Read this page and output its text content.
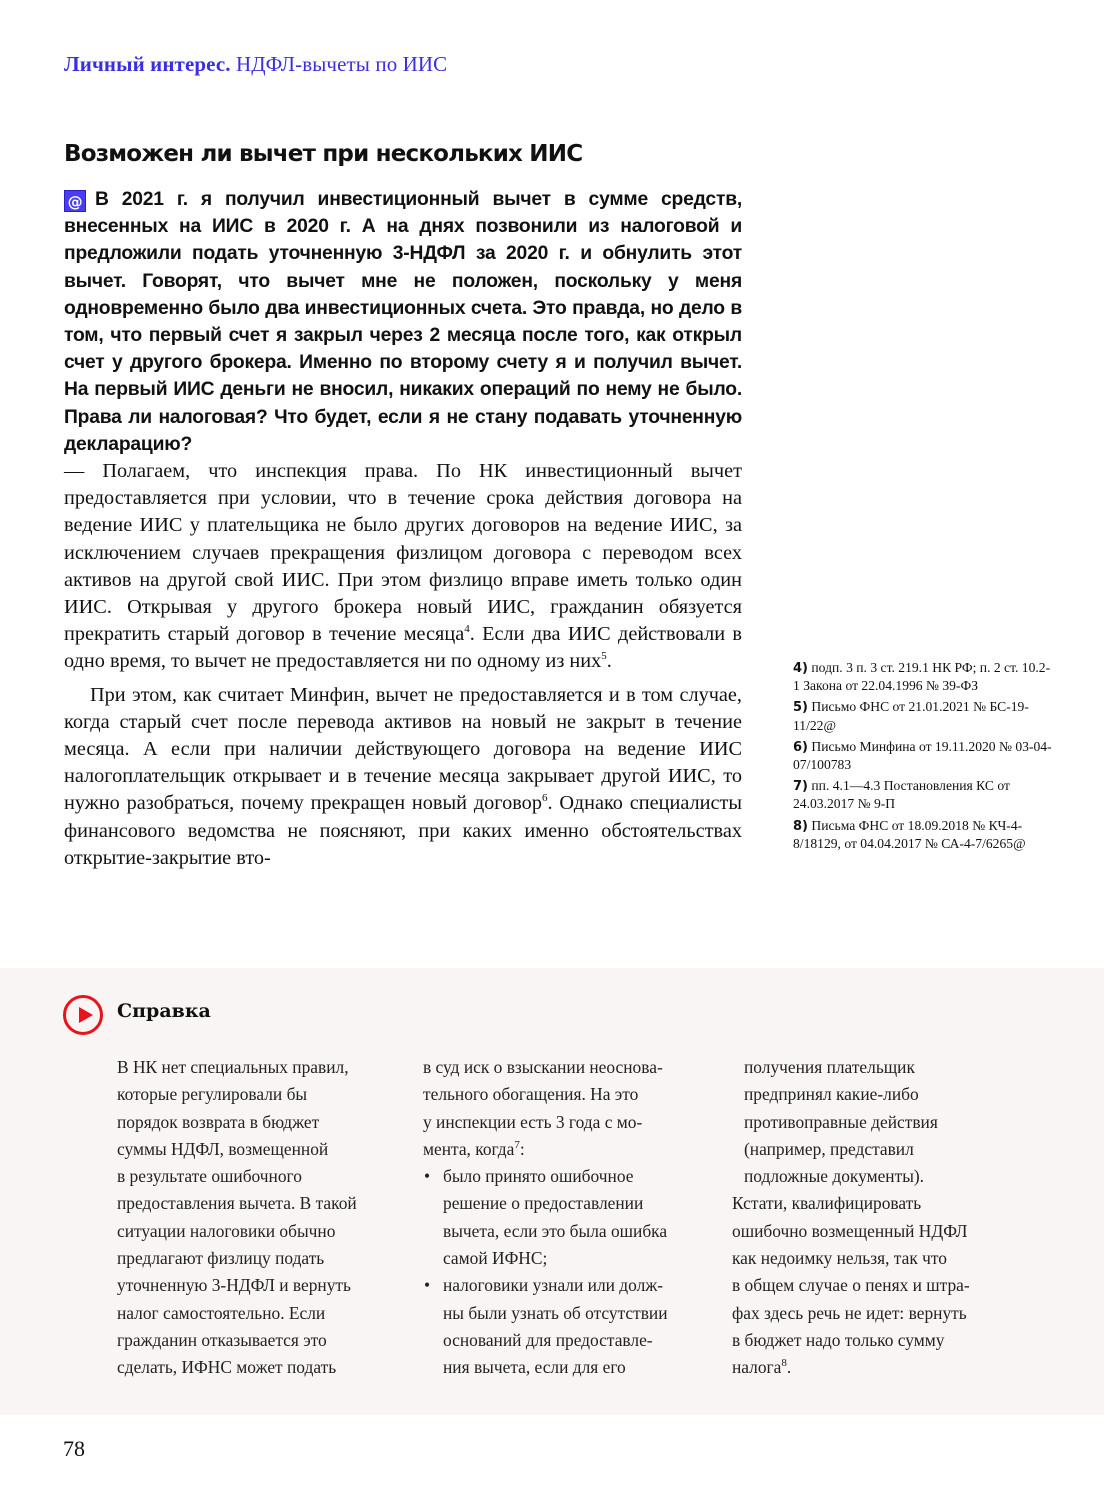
Личный интерес. НДФЛ-вычеты по ИИС
Возможен ли вычет при нескольких ИИС

@ В 2021 г. я получил инвестиционный вычет в сумме средств, внесенных на ИИС в 2020 г. А на днях позвонили из налоговой и предложили подать уточненную 3-НДФЛ за 2020 г. и обнулить этот вычет. Говорят, что вычет мне не положен, поскольку у меня одновременно было два инвестиционных счета. Это правда, но дело в том, что первый счет я закрыл через 2 месяца после того, как открыл счет у другого брокера. Именно по второму счету я и получил вычет. На первый ИИС деньги не вносил, никаких операций по нему не было. Права ли налоговая? Что будет, если я не стану подавать уточненную декларацию?

— Полагаем, что инспекция права. По НК инвестиционный вычет предоставляется при условии, что в течение срока действия договора на ведение ИИС у плательщика не было других договоров на ведение ИИС, за исключением случаев прекращения физлицом договора с переводом всех активов на другой свой ИИС. При этом физлицо вправе иметь только один ИИС. Открывая у другого брокера новый ИИС, гражданин обязуется прекратить старый договор в течение месяца$^4$. Если два ИИС действовали в одно время, то вычет не предоставляется ни по одному из них$^5$.

При этом, как считает Минфин, вычет не предоставляется и в том случае, когда старый счет после перевода активов на новый не закрыт в течение месяца. А если при наличии действующего договора на ведение ИИС налогоплательщик открывает и в течение месяца закрывает другой ИИС, то нужно разобраться, почему прекращен новый договор$^6$. Однако специалисты финансового ведомства не поясняют, при каких именно обстоятельствах открытие-закрытие вто-

4) подп. 3 п. 3 ст. 219.1 НК РФ; п. 2 ст. 10.2-1 Закона от 22.04.1996 № 39-ФЗ
5) Письмо ФНС от 21.01.2021 № БС-19-11/22@
6) Письмо Минфина от 19.11.2020 № 03-04-07/100783
7) пп. 4.1—4.3 Постановления КС от 24.03.2017 № 9-П
8) Письма ФНС от 18.09.2018 № КЧ-4-8/18129, от 04.04.2017 № СА-4-7/6265@
Справка
В НК нет специальных правил,
которые регулировали бы
порядок возврата в бюджет
суммы НДФЛ, возмещенной
в результате ошибочного
предоставления вычета. В такой
ситуации налоговики обычно
предлагают физлицу подать
уточненную 3-НДФЛ и вернуть
налог самостоятельно. Если
гражданин отказывается это
сделать, ИФНС может подать
в суд иск о взыскании неоснова-
тельного обогащения. На это
у инспекции есть 3 года с мо-
мента, когда$^7$:
• было принято ошибочное
решение о предоставлении
вычета, если это была ошибка
самой ИФНС;
• налоговики узнали или долж-
ны были узнать об отсутствии
оснований для предоставле-
ния вычета, если для его
получения плательщик
предпринял какие-либо
противоправные действия
(например, представил
подложные документы).
Кстати, квалифицировать
ошибочно возмещенный НДФЛ
как недоимку нельзя, так что
в общем случае о пенях и штра-
фах здесь речь не идет: вернуть
в бюджет надо только сумму
налога$^8$.
78
